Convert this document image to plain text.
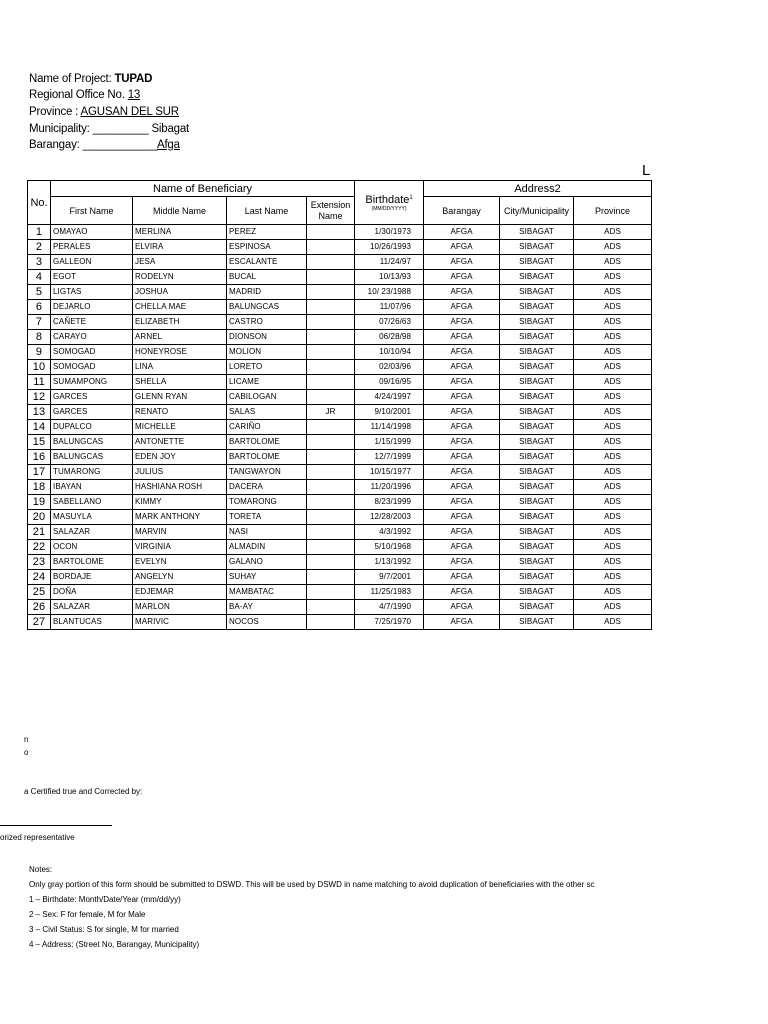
Name of Project: TUPAD
Regional Office No. 13
Province : AGUSAN DEL SUR
Municipality: _________ Sibagat
Barangay: ____________Afga
L
No.	Name of Beneficiary				Birthdate$^1$
(MM/DD/YYYY)	Address2		
	First Name	Middle Name	Last Name	Extension Name		Barangay	City/Municipality	Province
1	OMAYAO	MERLINA	PEREZ		1/30/1973	AFGA	SIBAGAT	ADS
2	PERALES	ELVIRA	ESPINOSA		10/26/1993	AFGA	SIBAGAT	ADS
3	GALLEON	JESA	ESCALANTE		11/24/97	AFGA	SIBAGAT	ADS
4	EGOT	RODELYN	BUCAL		10/13/93	AFGA	SIBAGAT	ADS
5	LIGTAS	JOSHUA	MADRID		10/ 23/1988	AFGA	SIBAGAT	ADS
6	DEJARLO	CHELLA MAE	BALUNGCAS		11/07/96	AFGA	SIBAGAT	ADS
7	CAÑETE	ELIZABETH	CASTRO		07/26/63	AFGA	SIBAGAT	ADS
8	CARAYO	ARNEL	DIONSON		06/28/98	AFGA	SIBAGAT	ADS
9	SOMOGAD	HONEYROSE	MOLION		10/10/94	AFGA	SIBAGAT	ADS
10	SOMOGAD	LINA	LORETO		02/03/96	AFGA	SIBAGAT	ADS
11	SUMAMPONG	SHELLA	LICAME		09/16/95	AFGA	SIBAGAT	ADS
12	GARCES	GLENN RYAN	CABILOGAN		4/24/1997	AFGA	SIBAGAT	ADS
13	GARCES	RENATO	SALAS	JR	9/10/2001	AFGA	SIBAGAT	ADS
14	DUPALCO	MICHELLE	CARIÑO		11/14/1998	AFGA	SIBAGAT	ADS
15	BALUNGCAS	ANTONETTE	BARTOLOME		1/15/1999	AFGA	SIBAGAT	ADS
16	BALUNGCAS	EDEN JOY	BARTOLOME		12/7/1999	AFGA	SIBAGAT	ADS
17	TUMARONG	JULIUS	TANGWAYON		10/15/1977	AFGA	SIBAGAT	ADS
18	IBAYAN	HASHIANA ROSH	DACERA		11/20/1996	AFGA	SIBAGAT	ADS
19	SABELLANO	KIMMY	TOMARONG		8/23/1999	AFGA	SIBAGAT	ADS
20	MASUYLA	MARK ANTHONY	TORETA		12/28/2003	AFGA	SIBAGAT	ADS
21	SALAZAR	MARVIN	NASI		4/3/1992	AFGA	SIBAGAT	ADS
22	OCON	VIRGINIA	ALMADIN		5/10/1968	AFGA	SIBAGAT	ADS
23	BARTOLOME	EVELYN	GALANO		1/13/1992	AFGA	SIBAGAT	ADS
24	BORDAJE	ANGELYN	SUHAY		9/7/2001	AFGA	SIBAGAT	ADS
25	DOÑA	EDJEMAR	MAMBATAC		11/25/1983	AFGA	SIBAGAT	ADS
26	SALAZAR	MARLON	BA-AY		4/7/1990	AFGA	SIBAGAT	ADS
27	BLANTUCAS	MARIVIC	NOCOS		7/25/1970	AFGA	SIBAGAT	ADS
n
o
a Certified true and Corrected by:
orized representative
Notes:
Only gray portion of this form should be submitted to DSWD. This will be used by DSWD in name matching to avoid duplication of beneficiaries with the other sc
1 – Birthdate: Month/Date/Year (mm/dd/yy)
2 – Sex: F for female, M for Male
3 – Civil Status: S for single, M for married
4 – Address: (Street No, Barangay, Municipality)
